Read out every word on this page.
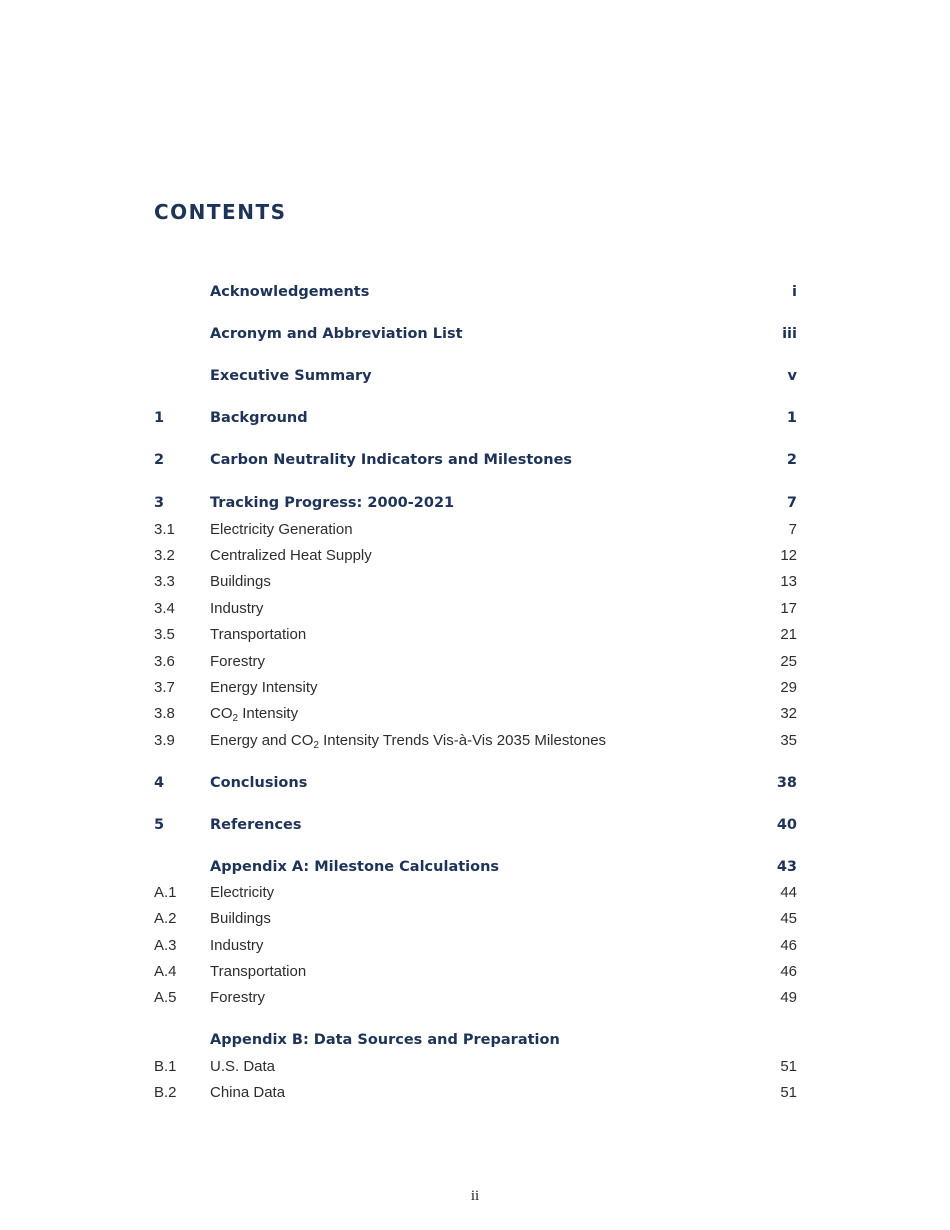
CONTENTS
Acknowledgements	i
Acronym and Abbreviation List	iii
Executive Summary	v
1	Background	1
2	Carbon Neutrality Indicators and Milestones	2
3	Tracking Progress: 2000-2021	7
3.1 Electricity Generation	7
3.2 Centralized Heat Supply	12
3.3 Buildings	13
3.4 Industry	17
3.5 Transportation	21
3.6 Forestry	25
3.7 Energy Intensity	29
3.8 $CO_2$ Intensity	32
3.9 Energy and $CO_2$ Intensity Trends Vis-à-Vis 2035 Milestones	35
4	Conclusions	38
5	References	40
Appendix A: Milestone Calculations	43
A.1 Electricity	44
A.2 Buildings	45
A.3 Industry	46
A.4 Transportation	46
A.5 Forestry	49
Appendix B: Data Sources and Preparation
B.1 U.S. Data	51
B.2 China Data	51
ii
